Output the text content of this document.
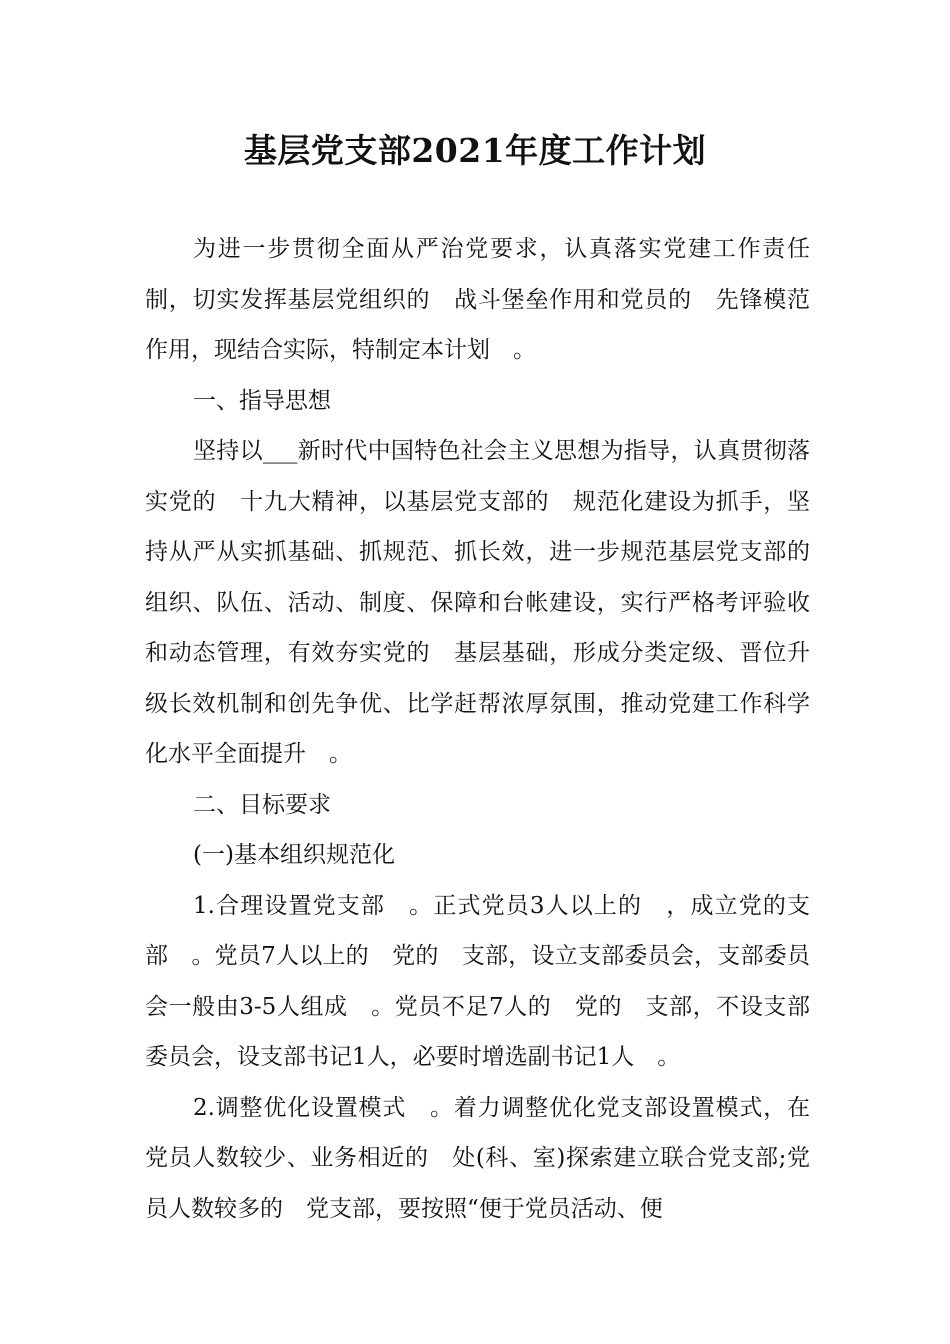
基层党支部2021年度工作计划

为进一步贯彻全面从严治党要求，认真落实党建工作责任制，切实发挥基层党组织的　战斗堡垒作用和党员的　先锋模范作用，现结合实际，特制定本计划　。

一、指导思想

坚持以___新时代中国特色社会主义思想为指导，认真贯彻落实党的　十九大精神，以基层党支部的　规范化建设为抓手，坚持从严从实抓基础、抓规范、抓长效，进一步规范基层党支部的　组织、队伍、活动、制度、保障和台帐建设，实行严格考评验收和动态管理，有效夯实党的　基层基础，形成分类定级、晋位升级长效机制和创先争优、比学赶帮浓厚氛围，推动党建工作科学化水平全面提升　。

二、目标要求

(一)基本组织规范化

1.合理设置党支部　。正式党员3人以上的　，成立党的支部　。党员7人以上的　党的　支部，设立支部委员会，支部委员会一般由3-5人组成　。党员不足7人的　党的　支部，不设支部委员会，设支部书记1人，必要时增选副书记1人　。

2.调整优化设置模式　。着力调整优化党支部设置模式，在党员人数较少、业务相近的　处(科、室)探索建立联合党支部;党员人数较多的　党支部，要按照“便于党员活动、便
